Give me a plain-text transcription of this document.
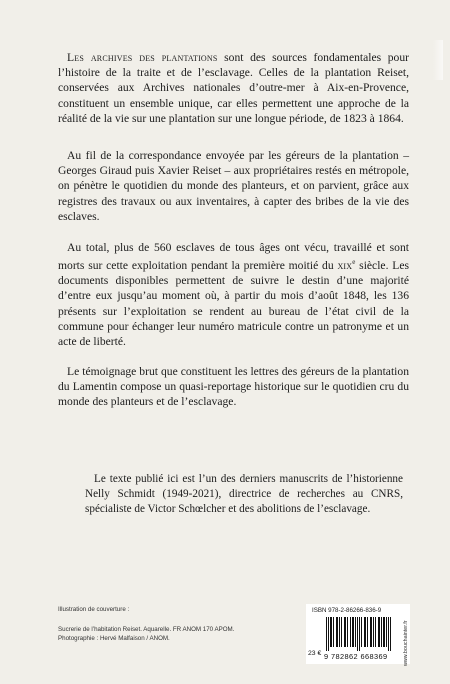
Les archives des plantations sont des sources fondamentales pour l’histoire de la traite et de l’esclavage. Celles de la plantation Reiset, conservées aux Archives nationales d’outre-mer à Aix-en-Provence, constituent un ensemble unique, car elles permettent une approche de la réalité de la vie sur une plantation sur une longue période, de 1823 à 1864.

Au fil de la correspondance envoyée par les géreurs de la plantation – Georges Giraud puis Xavier Reiset – aux propriétaires restés en métropole, on pénètre le quotidien du monde des planteurs, et on parvient, grâce aux registres des travaux ou aux inventaires, à capter des bribes de la vie des esclaves.

Au total, plus de 560 esclaves de tous âges ont vécu, travaillé et sont morts sur cette exploitation pendant la première moitié du xix$^e$ siècle. Les documents disponibles permettent de suivre le destin d’une majorité d’entre eux jusqu’au moment où, à partir du mois d’août 1848, les 136 présents sur l’exploitation se rendent au bureau de l’état civil de la commune pour échanger leur numéro matricule contre un patronyme et un acte de liberté.

Le témoignage brut que constituent les lettres des géreurs de la plantation du Lamentin compose un quasi-reportage historique sur le quotidien cru du monde des planteurs et de l’esclavage.

Le texte publié ici est l’un des derniers manuscrits de l’historienne Nelly Schmidt (1949-2021), directrice de recherches au CNRS, spécialiste de Victor Schœlcher et des abolitions de l’esclavage.

Illustration de couverture :
Sucrerie de l’habitation Reiset. Aquarelle. FR ANOM 170 APOM.
Photographie : Hervé Malfaison / ANOM.
ISBN 978-2-86266-836-9
www.bouchainter.fr
23 € 9 782862 668369
